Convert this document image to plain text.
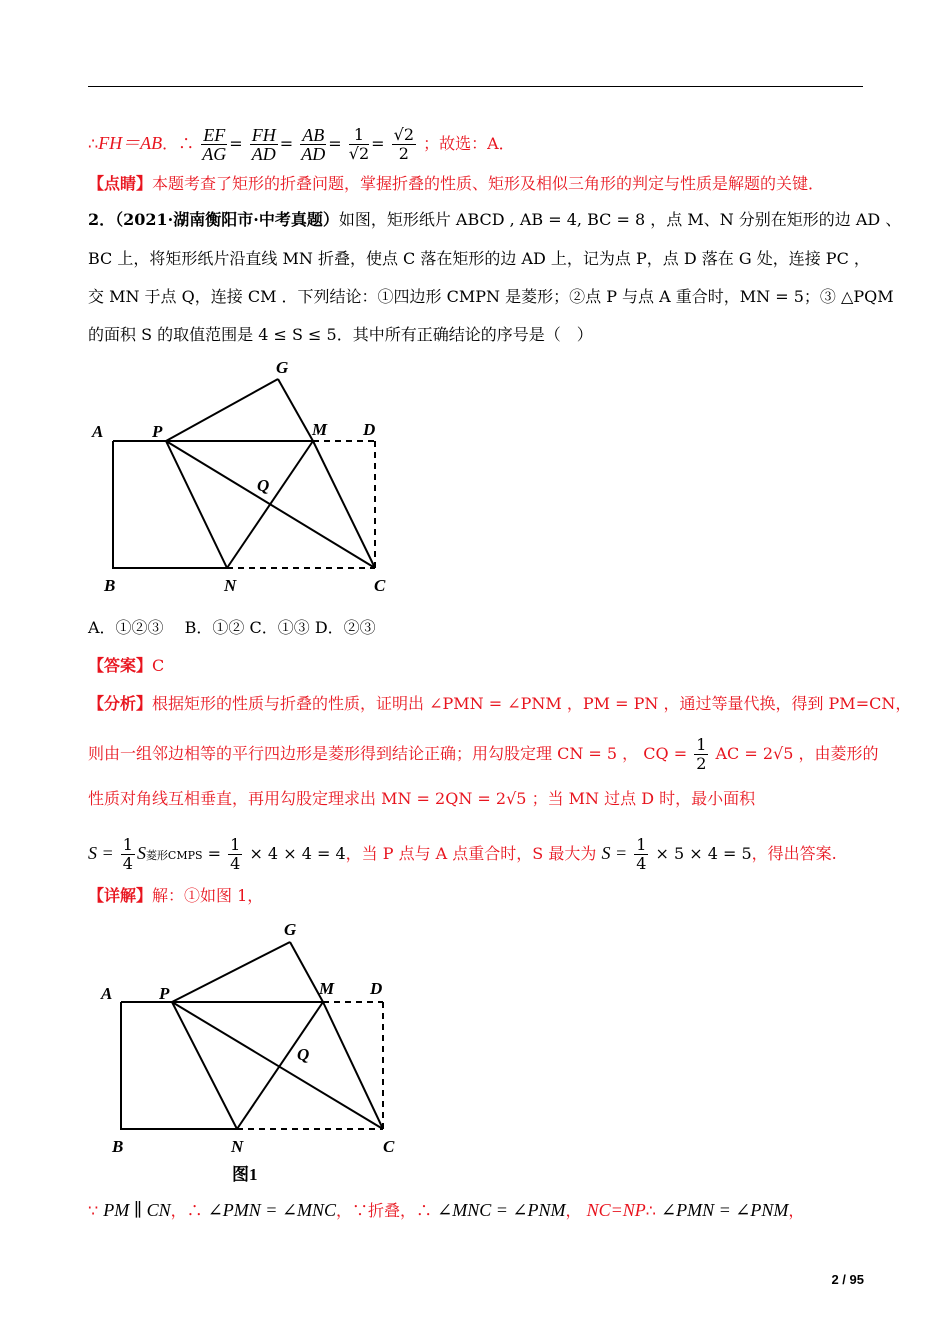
∴FH＝AB．∴ $\frac{EF}{AG} = \frac{FH}{AD} = \frac{AB}{AD} = \frac{1}{√2} = \frac{√2}{2}$ ；故选：A．
【点睛】本题考查了矩形的折叠问题，掌握折叠的性质、矩形及相似三角形的判定与性质是解题的关键．
2．（2021·湖南衡阳市·中考真题）如图，矩形纸片 ABCD , AB = 4, BC = 8 ，点 M、N 分别在矩形的边 AD 、
BC 上，将矩形纸片沿直线 MN 折叠，使点 C 落在矩形的边 AD 上，记为点 P，点 D 落在 G 处，连接 PC ，
交 MN 于点 Q，连接 CM ．下列结论：①四边形 CMPN 是菱形；②点 P 与点 A 重合时，MN = 5；③ △PQM
的面积 S 的取值范围是 4 ≤ S ≤ 5．其中所有正确结论的序号是（　）
G
A	P	M D
Q
B	N	C
A．①②③　 B．①② C．①③ D．②③
【答案】C
【分析】根据矩形的性质与折叠的性质，证明出 ∠PMN = ∠PNM ，PM = PN ，通过等量代换，得到 PM=CN，
则由一组邻边相等的平行四边形是菱形得到结论正确；用勾股定理 CN = 5 ， CQ = $\frac{1}{2}$ AC = 2√5 ，由菱形的
性质对角线互相垂直，再用勾股定理求出 MN = 2QN = 2√5 ；当 MN 过点 D 时，最小面积
$S = \frac{1}{4}$ S菱形CMPS = $\frac{1}{4} \times 4 \times 4 = 4$，当 P 点与 A 点重合时，S 最大为 $S = \frac{1}{4} \times 5 \times 4 = 5$，得出答案.
【详解】解：①如图 1，
G
A	P	M D
Q
B	N	C
图1
∵ PM ∥ CN，∴ ∠PMN = ∠MNC，∵折叠，∴ ∠MNC = ∠PNM， NC=NP∴ ∠PMN = ∠PNM，
2 / 95
